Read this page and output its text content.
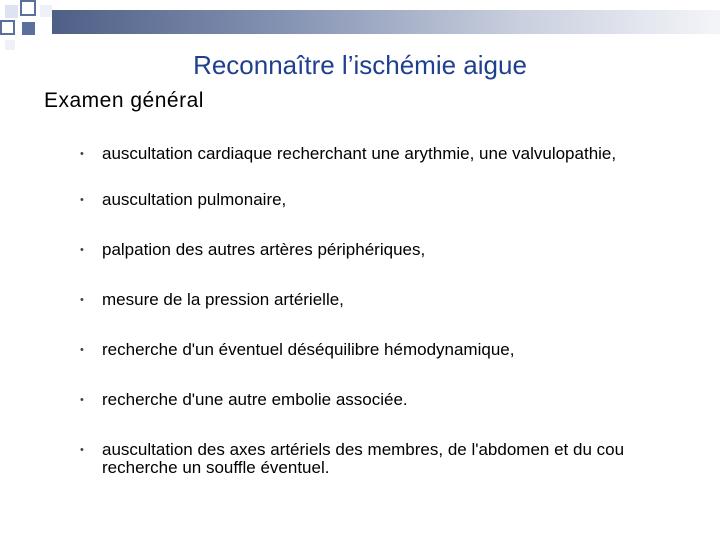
Reconnaître l’ischémie aigue
Examen général
• auscultation cardiaque recherchant une arythmie, une valvulopathie,
• auscultation pulmonaire,
• palpation des autres artères périphériques,
• mesure de la pression artérielle,
• recherche d'un éventuel déséquilibre hémodynamique,
• recherche d'une autre embolie associée.
• auscultation des axes artériels des membres, de l'abdomen et du cou recherche un souffle éventuel.
